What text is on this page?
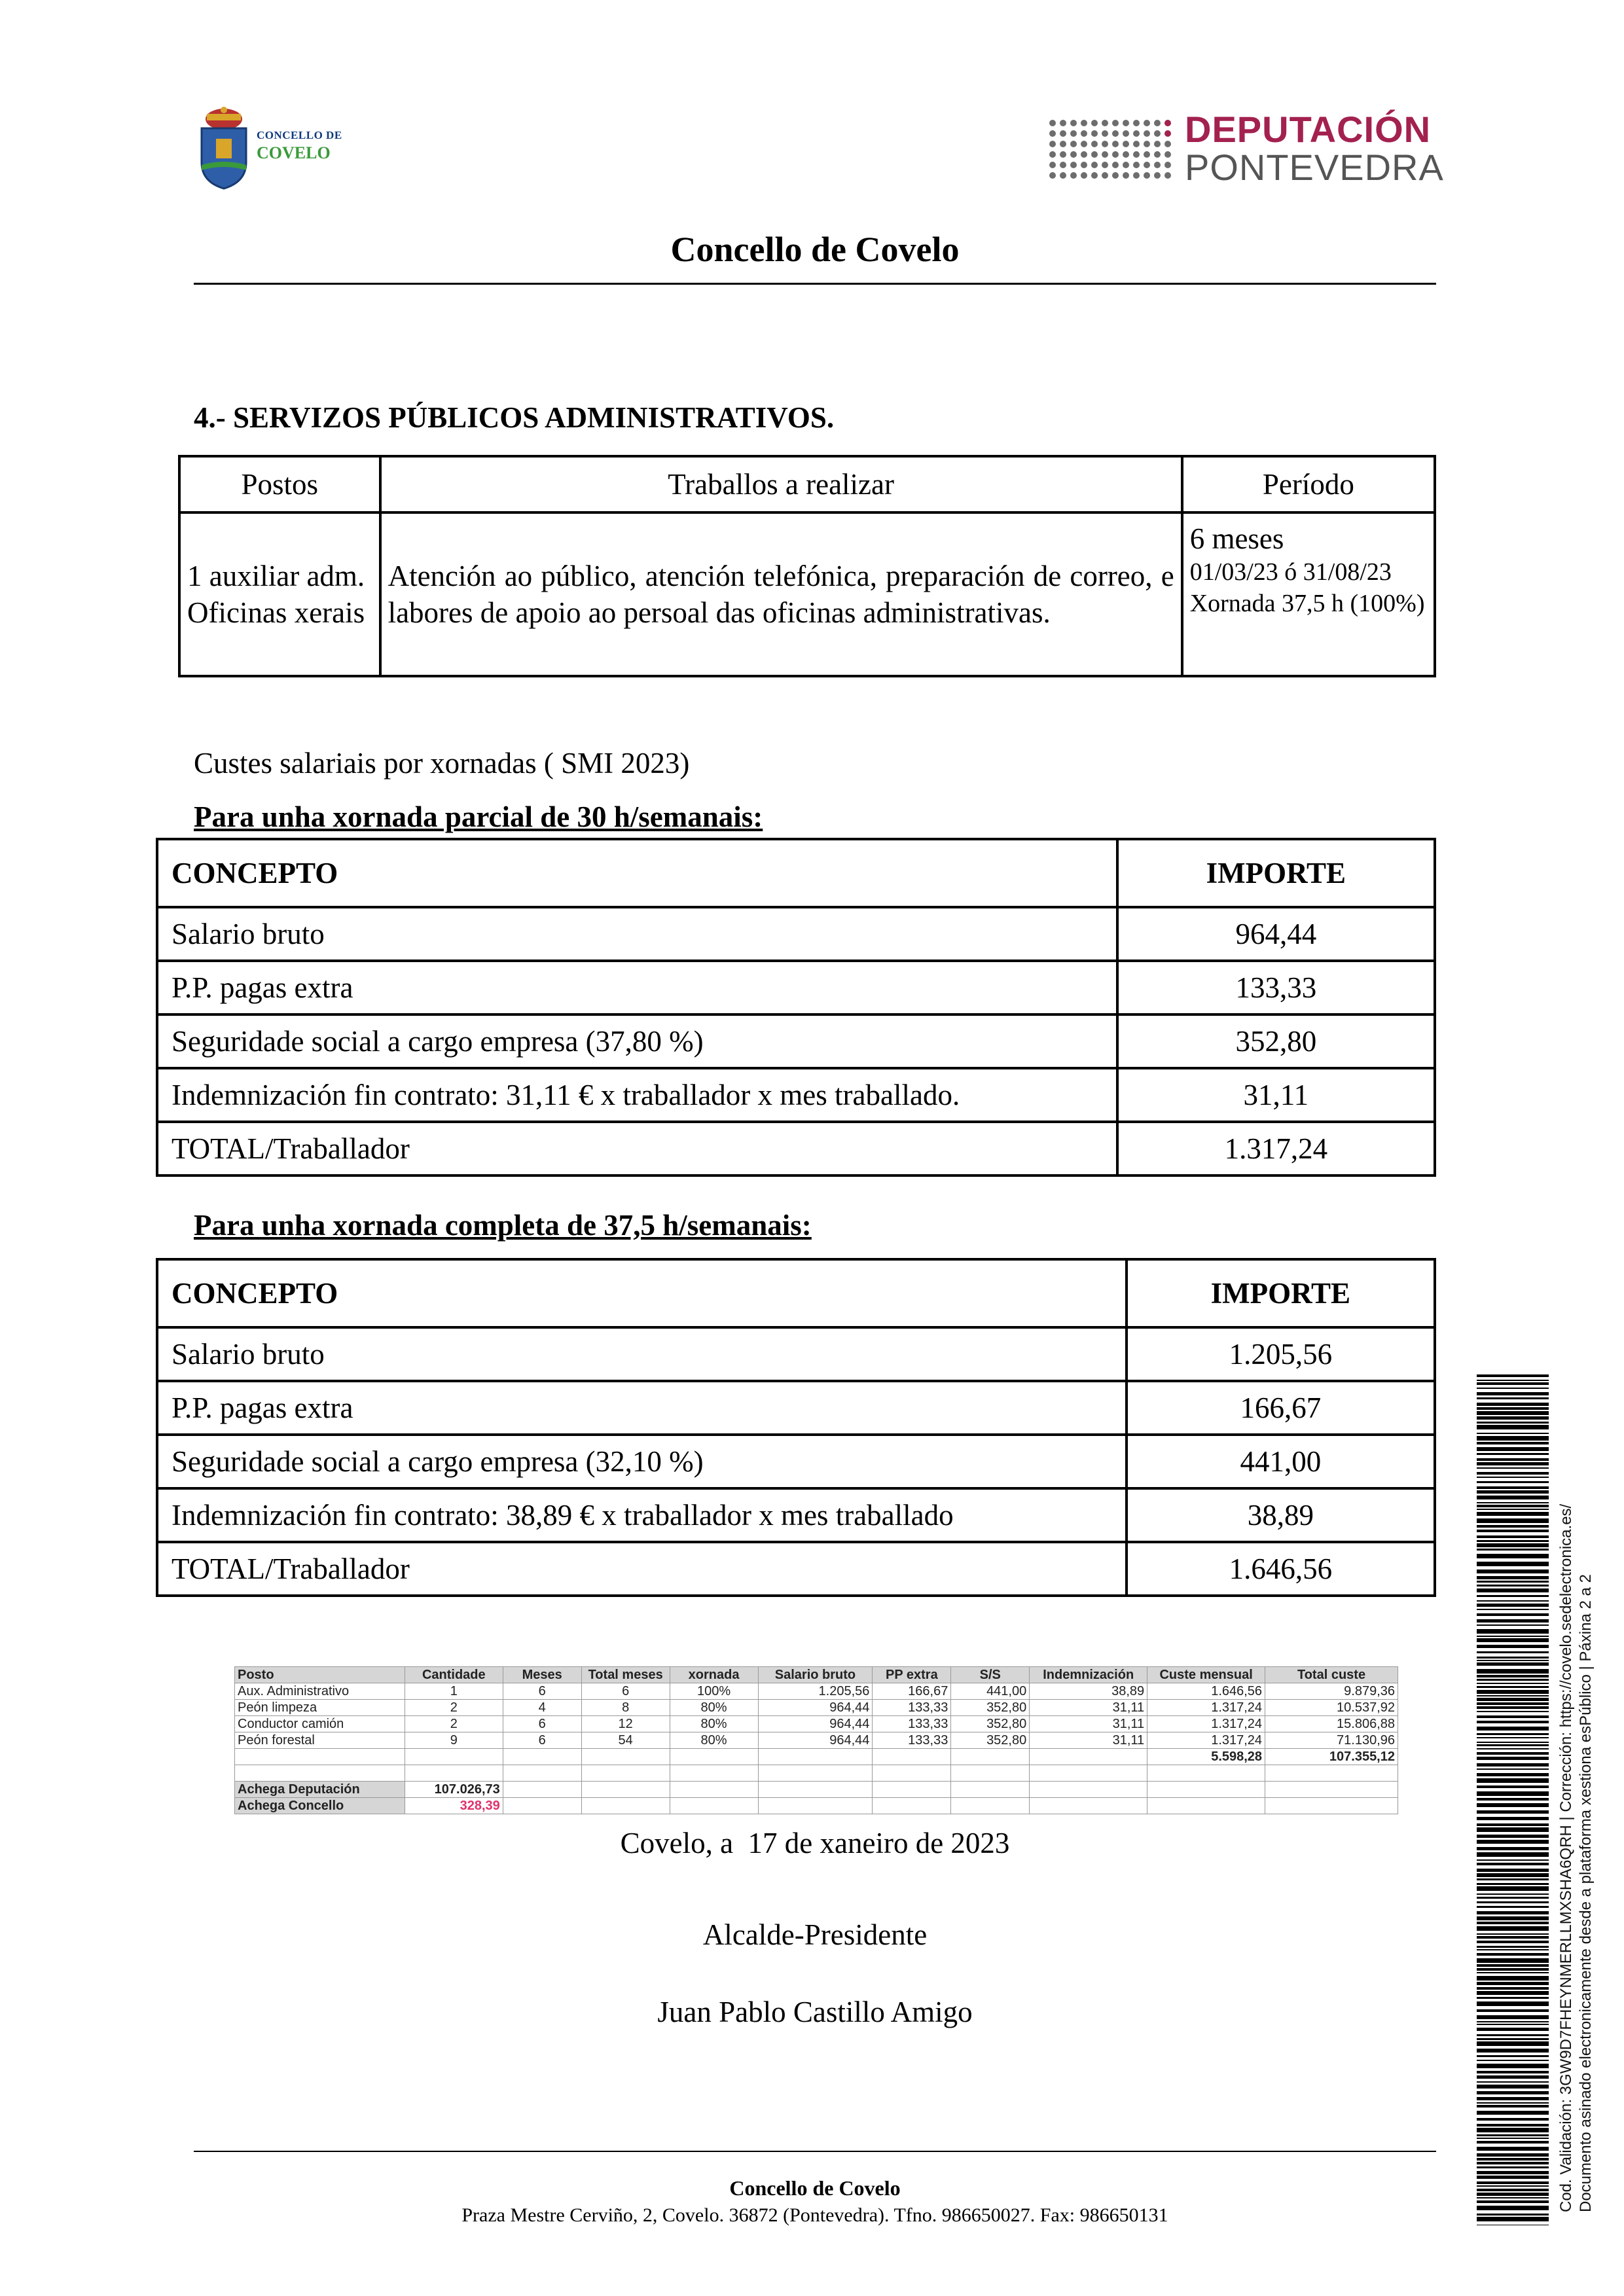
CONCELLO DE
COVELO
DEPUTACIÓN
PONTEVEDRA
Concello de Covelo
4.- SERVIZOS PÚBLICOS ADMINISTRATIVOS.
Postos	Traballos a realizar	Período
1 auxiliar adm. Oficinas xerais	Atención ao público, atención telefónica, preparación de correo, e labores de apoio ao persoal das oficinas administrativas.	6 meses
01/03/23 ó 31/08/23
Xornada 37,5 h (100%)
Custes salariais por xornadas ( SMI 2023)
Para unha xornada parcial de 30 h/semanais:
CONCEPTO	IMPORTE
Salario bruto	964,44
P.P. pagas extra	133,33
Seguridade social a cargo empresa (37,80 %)	352,80
Indemnización fin contrato: 31,11 € x traballador x mes traballado.	31,11
TOTAL/Traballador	1.317,24
Para unha xornada completa de 37,5 h/semanais:
CONCEPTO	IMPORTE
Salario bruto	1.205,56
P.P. pagas extra	166,67
Seguridade social a cargo empresa (32,10 %)	441,00
Indemnización fin contrato: 38,89 € x traballador x mes traballado	38,89
TOTAL/Traballador	1.646,56
Posto	Cantidade	Meses	Total meses	xornada	Salario bruto	PP extra	S/S	Indemnización	Custe mensual	Total custe
Aux. Administrativo	1	6	6	100%	1.205,56	166,67	441,00	38,89	1.646,56	9.879,36
Peón limpeza	2	4	8	80%	964,44	133,33	352,80	31,11	1.317,24	10.537,92
Conductor camión	2	6	12	80%	964,44	133,33	352,80	31,11	1.317,24	15.806,88
Peón forestal	9	6	54	80%	964,44	133,33	352,80	31,11	1.317,24	71.130,96
									5.598,28	107.355,12

Achega Deputación	107.026,73									
Achega Concello	328,39									
Covelo, a  17 de xaneiro de 2023
Alcalde-Presidente
Juan Pablo Castillo Amigo
Concello de Covelo
Praza Mestre Cerviño, 2, Covelo. 36872 (Pontevedra). Tfno. 986650027. Fax: 986650131
Cod. Validación: 3GW9D7FHEYNMERLLMXSHA6QRH | Corrección: https://covelo.sedelectronica.es/ Documento asinado electronicamente desde a plataforma xestiona esPúblico | Páxina 2 a 2
